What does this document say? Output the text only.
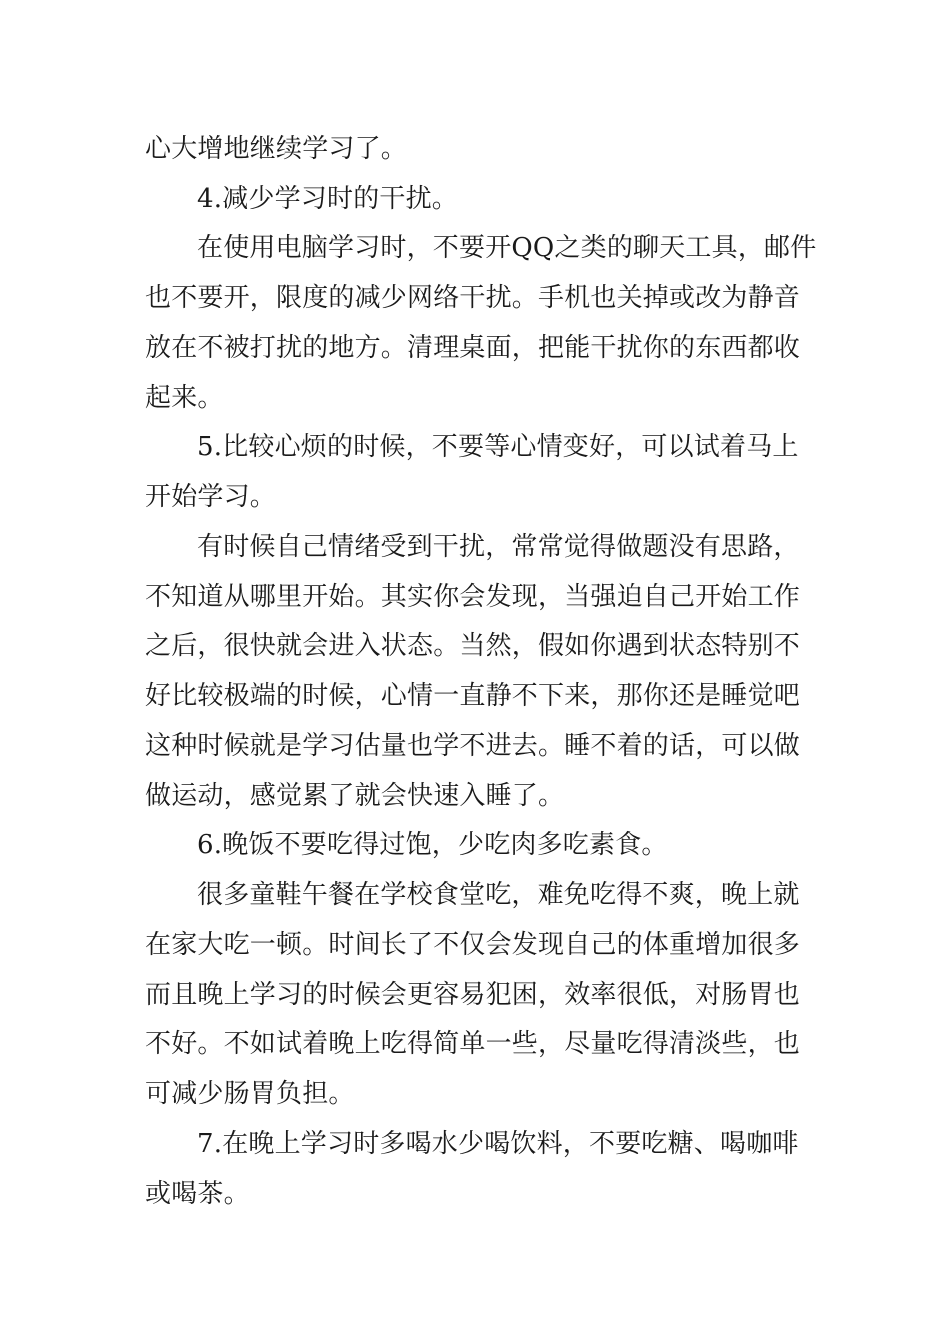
心大增地继续学习了。
4.减少学习时的干扰。
在使用电脑学习时，不要开QQ之类的聊天工具，邮件
也不要开，限度的减少网络干扰。手机也关掉或改为静音
放在不被打扰的地方。清理桌面，把能干扰你的东西都收
起来。
5.比较心烦的时候，不要等心情变好，可以试着马上
开始学习。
有时候自己情绪受到干扰，常常觉得做题没有思路，
不知道从哪里开始。其实你会发现，当强迫自己开始工作
之后，很快就会进入状态。当然，假如你遇到状态特别不
好比较极端的时候，心情一直静不下来，那你还是睡觉吧
这种时候就是学习估量也学不进去。睡不着的话，可以做
做运动，感觉累了就会快速入睡了。
6.晚饭不要吃得过饱，少吃肉多吃素食。
很多童鞋午餐在学校食堂吃，难免吃得不爽，晚上就
在家大吃一顿。时间长了不仅会发现自己的体重增加很多
而且晚上学习的时候会更容易犯困，效率很低，对肠胃也
不好。不如试着晚上吃得简单一些，尽量吃得清淡些，也
可减少肠胃负担。
7.在晚上学习时多喝水少喝饮料，不要吃糖、喝咖啡
或喝茶。
